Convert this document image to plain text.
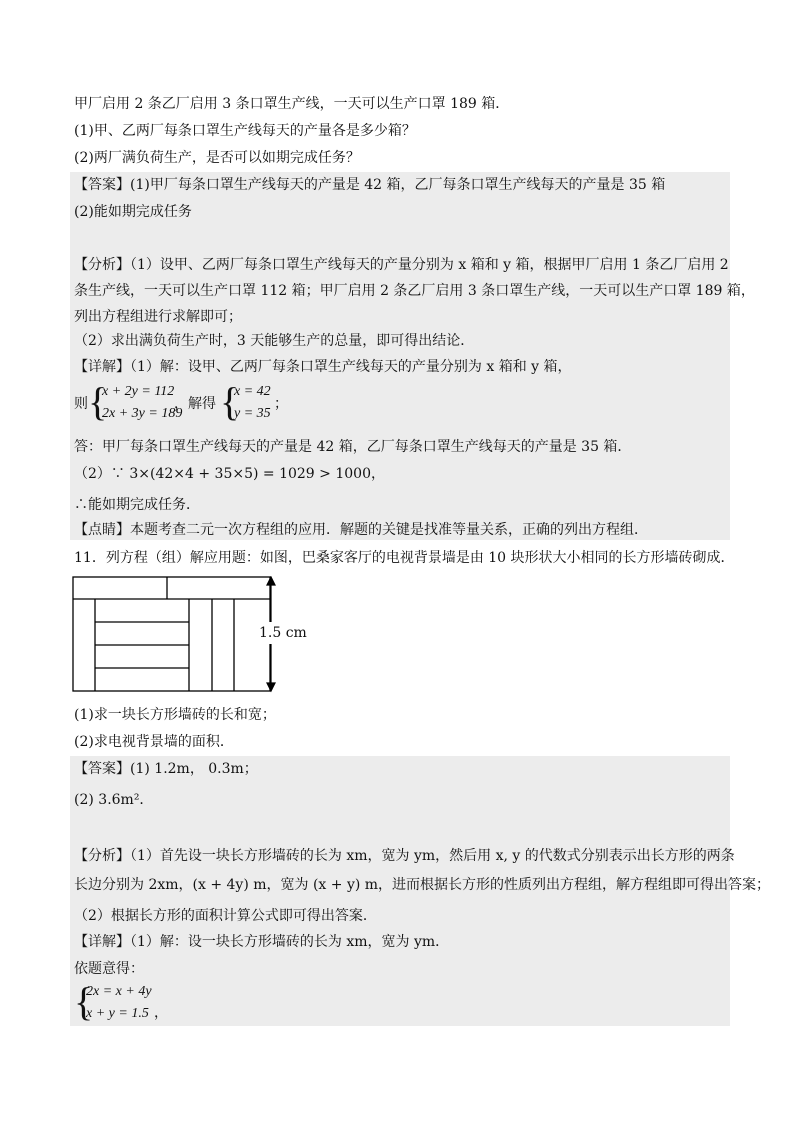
甲厂启用 2 条乙厂启用 3 条口罩生产线，一天可以生产口罩 189 箱．
(1)甲、乙两厂每条口罩生产线每天的产量各是多少箱？
(2)两厂满负荷生产，是否可以如期完成任务？
【答案】(1)甲厂每条口罩生产线每天的产量是 42 箱，乙厂每条口罩生产线每天的产量是 35 箱
(2)能如期完成任务
【分析】（1）设甲、乙两厂每条口罩生产线每天的产量分别为 x 箱和 y 箱，根据甲厂启用 1 条乙厂启用 2
条生产线，一天可以生产口罩 112 箱；甲厂启用 2 条乙厂启用 3 条口罩生产线，一天可以生产口罩 189 箱，
列出方程组进行求解即可；
（2）求出满负荷生产时，3 天能够生产的总量，即可得出结论．
【详解】（1）解：设甲、乙两厂每条口罩生产线每天的产量分别为 x 箱和 y 箱，
则 {
x + 2y = 112
2x + 3y = 189
，解得 {
x = 42
y = 35
；
答：甲厂每条口罩生产线每天的产量是 42 箱，乙厂每条口罩生产线每天的产量是 35 箱．
（2）∵ 3×(42×4 + 35×5) = 1029 > 1000，
∴能如期完成任务．
【点睛】本题考查二元一次方程组的应用．解题的关键是找准等量关系，正确的列出方程组．
11．列方程（组）解应用题：如图，巴桑家客厅的电视背景墙是由 10 块形状大小相同的长方形墙砖砌成．
1.5 cm
(1)求一块长方形墙砖的长和宽；
(2)求电视背景墙的面积．
【答案】(1) 1.2m， 0.3m；
(2) 3.6m²．
【分析】（1）首先设一块长方形墙砖的长为 xm，宽为 ym，然后用 x, y 的代数式分别表示出长方形的两条
长边分别为 2xm，(x + 4y) m，宽为 (x + y) m，进而根据长方形的性质列出方程组，解方程组即可得出答案；
（2）根据长方形的面积计算公式即可得出答案．
【详解】（1）解：设一块长方形墙砖的长为 xm，宽为 ym．
依题意得：
{
2x = x + 4y
x + y = 1.5 ，
